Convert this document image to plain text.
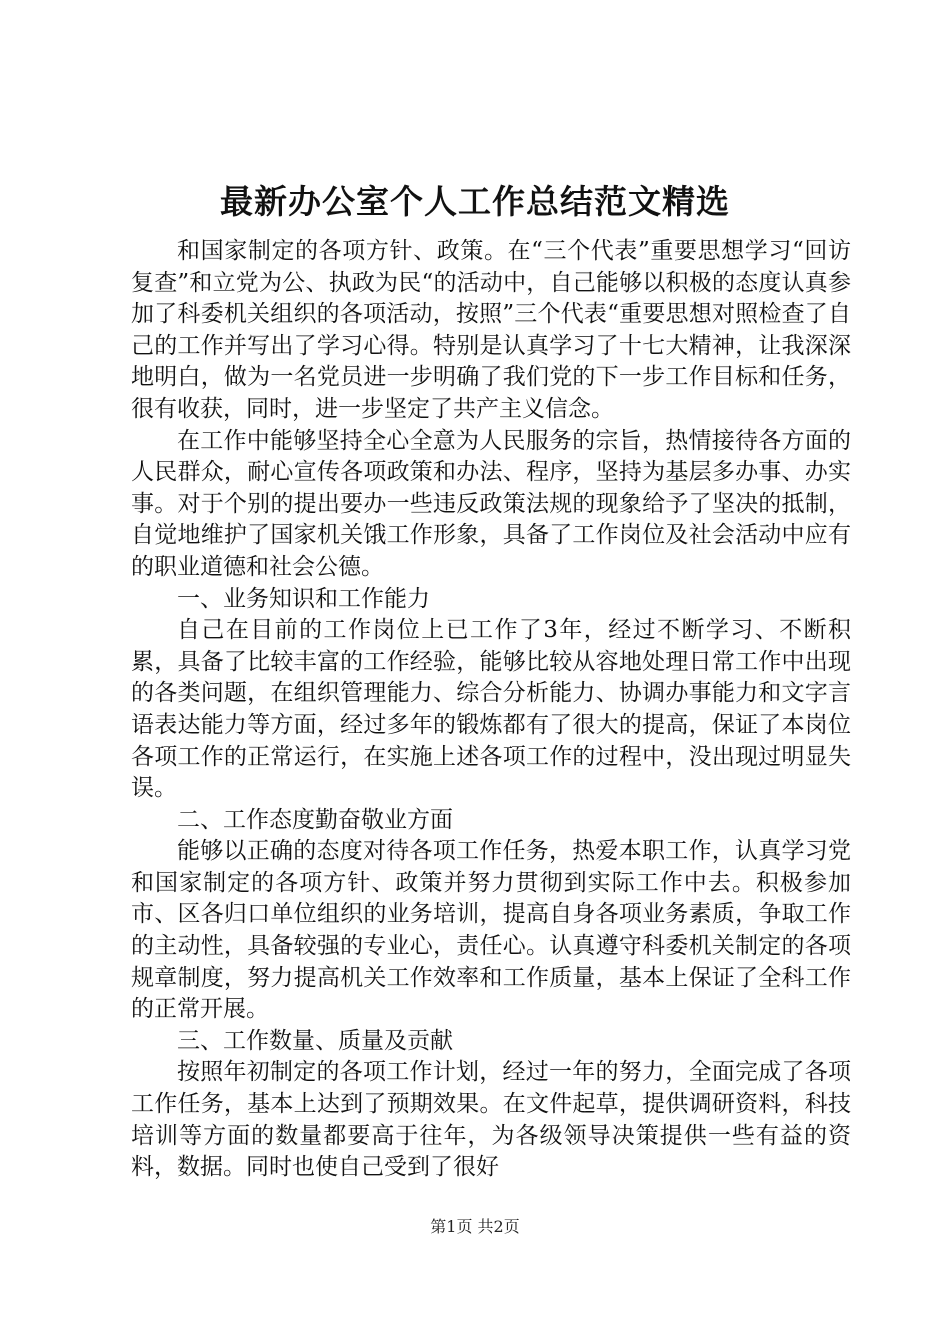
最新办公室个人工作总结范文精选

和国家制定的各项方针、政策。在“三个代表”重要思想学习“回访复查”和立党为公、执政为民“的活动中，自己能够以积极的态度认真参加了科委机关组织的各项活动，按照”三个代表“重要思想对照检查了自己的工作并写出了学习心得。特别是认真学习了十七大精神，让我深深地明白，做为一名党员进一步明确了我们党的下一步工作目标和任务，很有收获，同时，进一步坚定了共产主义信念。

在工作中能够坚持全心全意为人民服务的宗旨，热情接待各方面的人民群众，耐心宣传各项政策和办法、程序，坚持为基层多办事、办实事。对于个别的提出要办一些违反政策法规的现象给予了坚决的抵制，自觉地维护了国家机关饿工作形象，具备了工作岗位及社会活动中应有的职业道德和社会公德。

一、业务知识和工作能力

自己在目前的工作岗位上已工作了3年，经过不断学习、不断积累，具备了比较丰富的工作经验，能够比较从容地处理日常工作中出现的各类问题，在组织管理能力、综合分析能力、协调办事能力和文字言语表达能力等方面，经过多年的锻炼都有了很大的提高，保证了本岗位各项工作的正常运行，在实施上述各项工作的过程中，没出现过明显失误。

二、工作态度勤奋敬业方面

能够以正确的态度对待各项工作任务，热爱本职工作，认真学习党和国家制定的各项方针、政策并努力贯彻到实际工作中去。积极参加市、区各归口单位组织的业务培训，提高自身各项业务素质，争取工作的主动性，具备较强的专业心，责任心。认真遵守科委机关制定的各项规章制度，努力提高机关工作效率和工作质量，基本上保证了全科工作的正常开展。

三、工作数量、质量及贡献

按照年初制定的各项工作计划，经过一年的努力，全面完成了各项工作任务，基本上达到了预期效果。在文件起草，提供调研资料，科技培训等方面的数量都要高于往年，为各级领导决策提供一些有益的资料，数据。同时也使自己受到了很好

第1页 共2页
